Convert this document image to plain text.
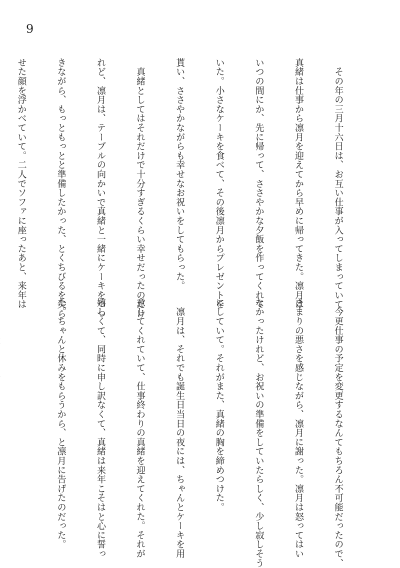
9

　その年の三月十六日は、お互い仕事が入ってしまっていて、

真緒は仕事から凛月を迎えてから早めに帰ってきた。凛月は

いつの間にか、先に帰って、ささやかな夕飯を作ってくれて

いた。小さなケーキを食べて、その後凛月からプレゼントを

貰い、ささやかながらも幸せなお祝いをしてもらった。

　真緒としてはそれだけで十分すぎるくらい幸せだったのだけ

れど、凛月は、テーブルの向かいで真緒と一緒にケーキをつつ

きながら、もっともっとと準備したかった、とくちびるを尖ら

せた顔を浮かべていて。二人でソファに座ったあと、来年は

　今更仕事の予定を変更するなんてもちろん不可能だったので、

きまりの悪さを感じながら、凛月に謝った。凛月は怒ってはい

なかったけれど、お祝いの準備をしていたらしく、少し寂しそう

にしていて。それがまた、真緒の胸を締めつけた。

　凛月は、それでも誕生日当日の夜には、ちゃんとケーキを用

意してくれていて、仕事終わりの真緒を迎えてくれた。それが

嬉しくて、同時に申し訳なくて、真緒は来年こそはと心に誓っ

た。ちゃんと休みをもらうから、と凛月に告げたのだった。
